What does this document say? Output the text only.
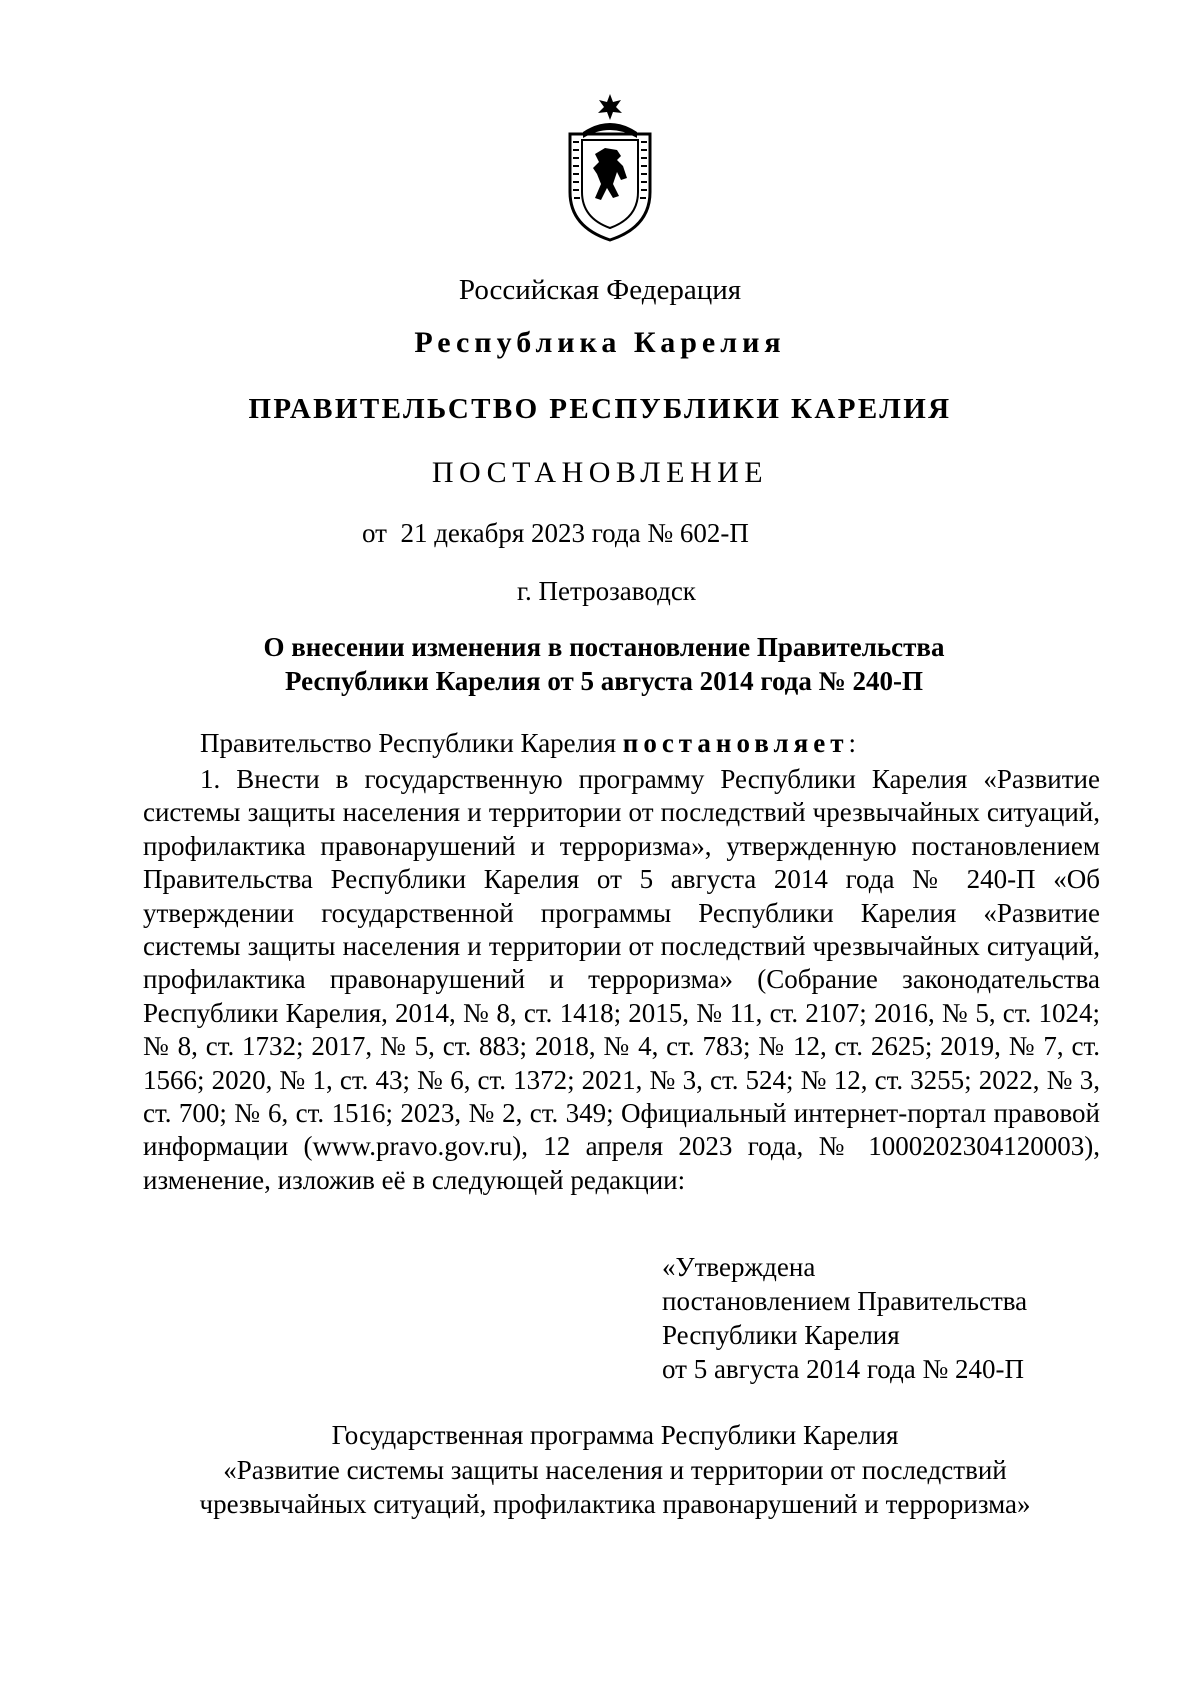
Российская Федерация
Республика Карелия
ПРАВИТЕЛЬСТВО РЕСПУБЛИКИ КАРЕЛИЯ
ПОСТАНОВЛЕНИЕ
от  21 декабря 2023 года № 602-П
г. Петрозаводск
О внесении изменения в постановление Правительства
Республики Карелия от 5 августа 2014 года № 240-П
Правительство Республики Карелия постановляет:
1. Внести в государственную программу Республики Карелия «Развитие системы защиты населения и территории от последствий чрезвычайных ситуаций, профилактика правонарушений и терроризма», утвержденную постановлением Правительства Республики Карелия от 5 августа 2014 года № 240-П «Об утверждении государственной программы Республики Карелия «Развитие системы защиты населения и территории от последствий чрезвычайных ситуаций, профилактика правонарушений и терроризма» (Собрание законодательства Республики Карелия, 2014, № 8, ст. 1418; 2015, № 11, ст. 2107; 2016, № 5, ст. 1024; № 8, ст. 1732; 2017, № 5, ст. 883; 2018, № 4, ст. 783; № 12, ст. 2625; 2019, № 7, ст. 1566; 2020, № 1, ст. 43; № 6, ст. 1372; 2021, № 3, ст. 524; № 12, ст. 3255; 2022, № 3, ст. 700; № 6, ст. 1516; 2023, № 2, ст. 349; Официальный интернет-портал правовой информации (www.pravo.gov.ru), 12 апреля 2023 года, № 1000202304120003), изменение, изложив её в следующей редакции:
«Утверждена
постановлением Правительства
Республики Карелия
от 5 августа 2014 года № 240-П
Государственная программа Республики Карелия
«Развитие системы защиты населения и территории от последствий
чрезвычайных ситуаций, профилактика правонарушений и терроризма»
